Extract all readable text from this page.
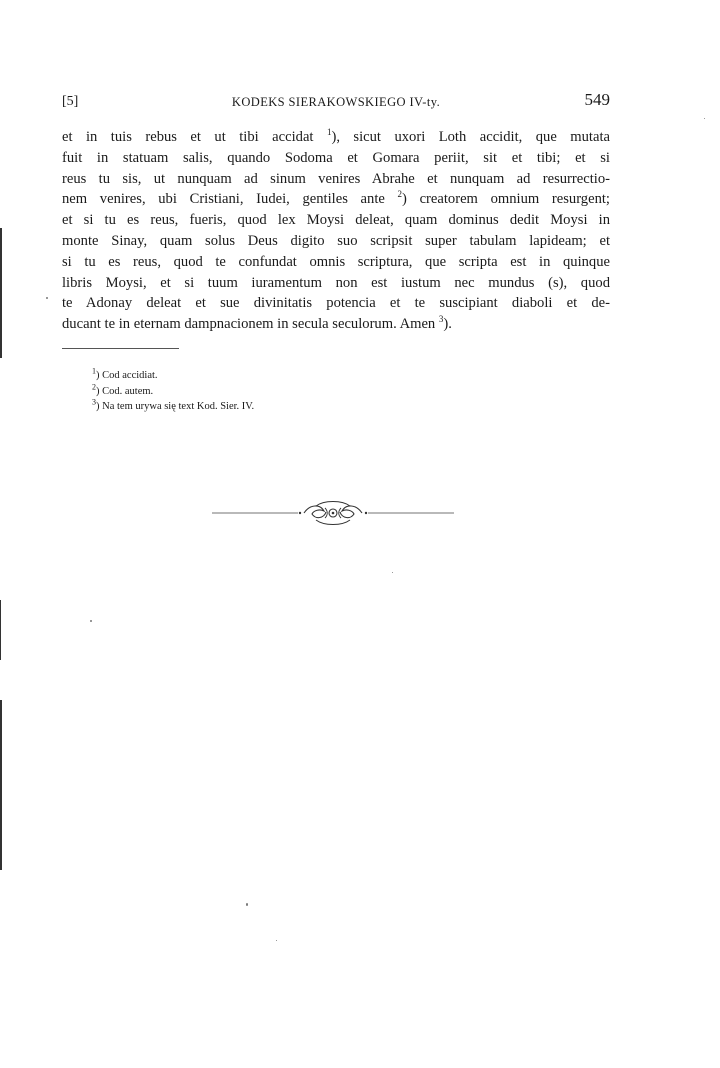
[5]	KODEKS SIERAKOWSKIEGO IV-ty.	549
et in tuis rebus et ut tibi accidat $^1$), sicut uxori Loth accidit, que mutata
fuit in statuam salis, quando Sodoma et Gomara periit, sit et tibi; et si
reus tu sis, ut nunquam ad sinum venires Abrahe et nunquam ad resurrectio-
nem venires, ubi Cristiani, Iudei, gentiles ante $^2$) creatorem omnium resurgent;
et si tu es reus, fueris, quod lex Moysi deleat, quam dominus dedit Moysi in
monte Sinay, quam solus Deus digito suo scripsit super tabulam lapideam; et
si tu es reus, quod te confundat omnis scriptura, que scripta est in quinque
libris Moysi, et si tuum iuramentum non est iustum nec mundus (s), quod
te Adonay deleat et sue divinitatis potencia et te suscipiant diaboli et de-
ducant te in eternam dampnacionem in secula seculorum. Amen $^3$).
$^1$) Cod accidiat.
$^2$) Cod. autem.
$^3$) Na tem urywa się text Kod. Sier. IV.
